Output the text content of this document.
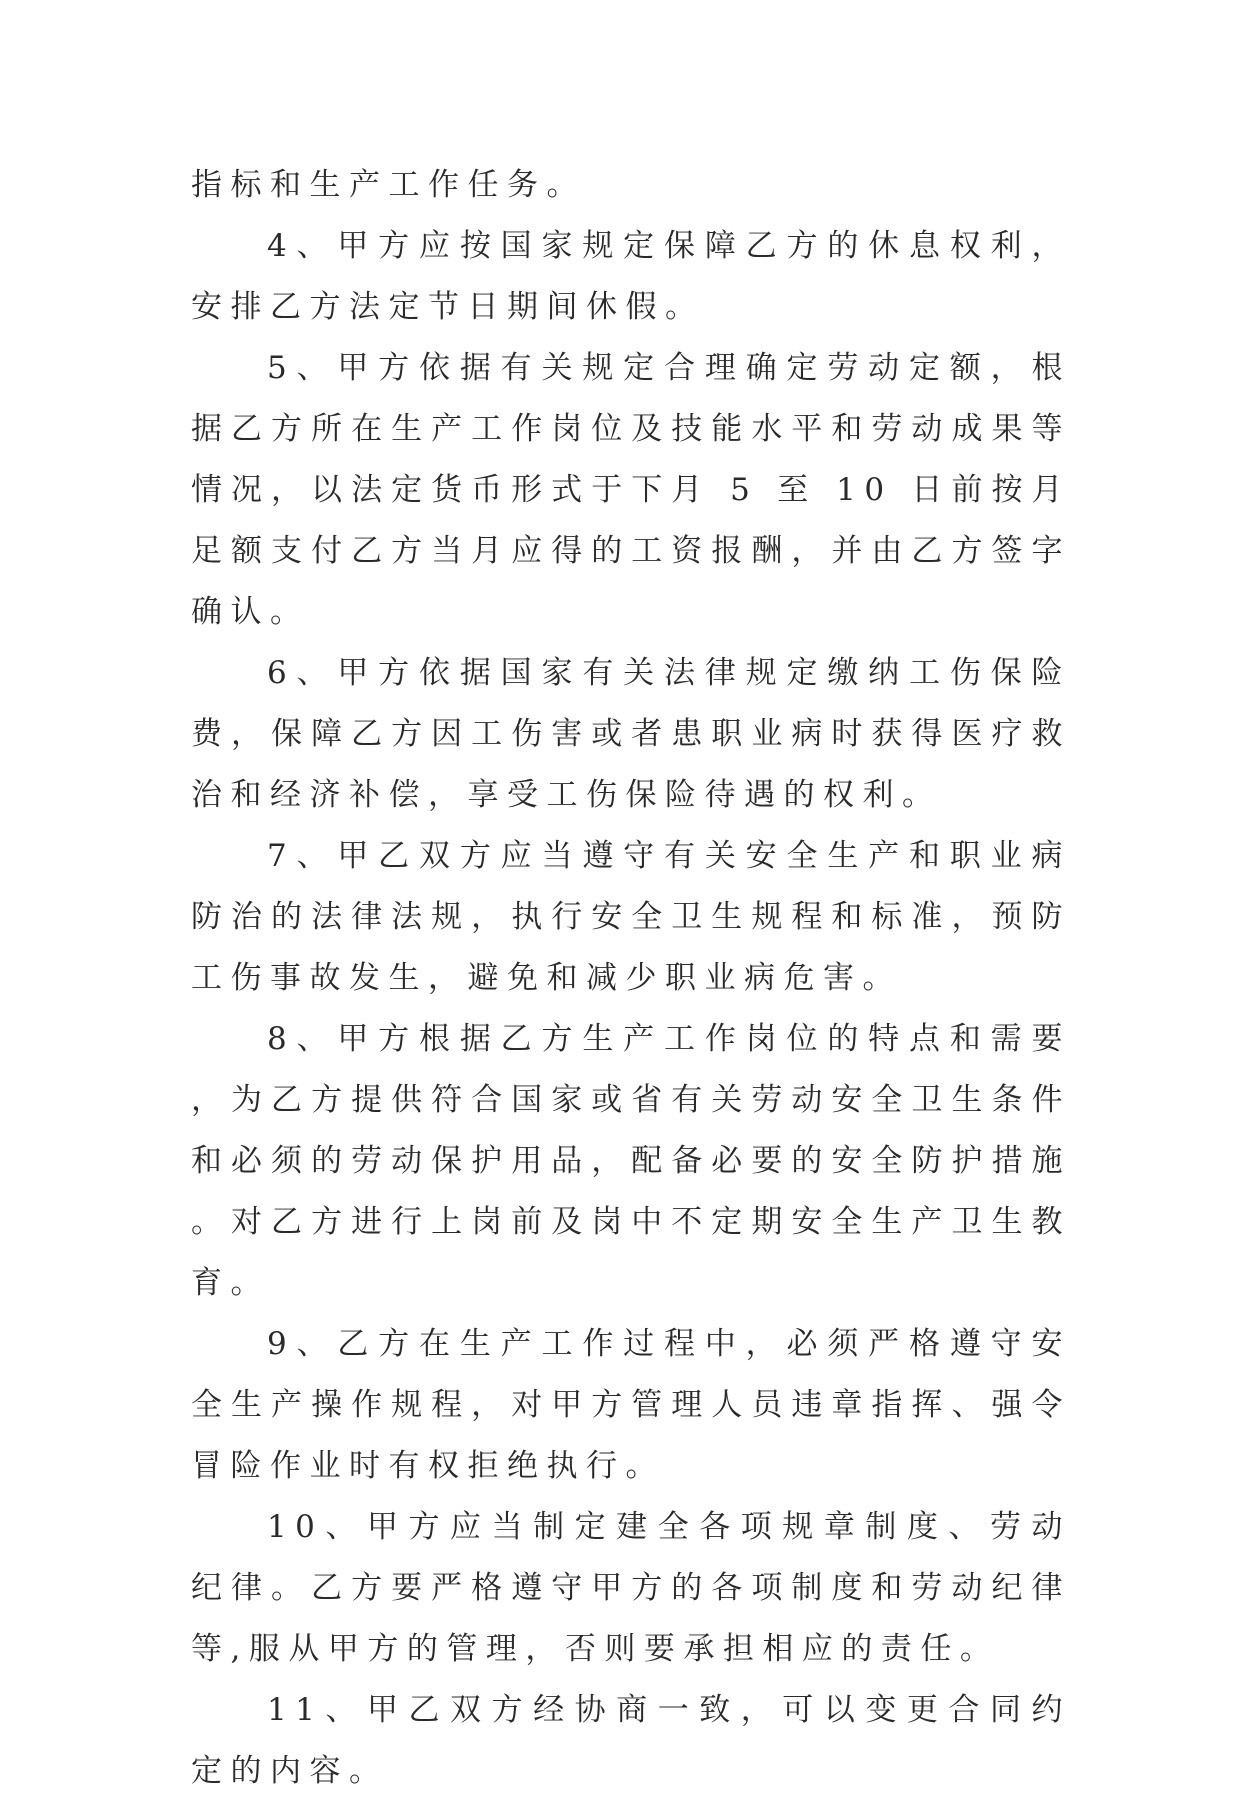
指标和生产工作任务。

4、甲方应按国家规定保障乙方的休息权利，安排乙方法定节日期间休假。

5、甲方依据有关规定合理确定劳动定额，根据乙方所在生产工作岗位及技能水平和劳动成果等情况，以法定货币形式于下月 5 至 10 日前按月足额支付乙方当月应得的工资报酬，并由乙方签字确认。

6、甲方依据国家有关法律规定缴纳工伤保险费，保障乙方因工伤害或者患职业病时获得医疗救治和经济补偿，享受工伤保险待遇的权利。

7、甲乙双方应当遵守有关安全生产和职业病防治的法律法规，执行安全卫生规程和标准，预防工伤事故发生，避免和减少职业病危害。

8、甲方根据乙方生产工作岗位的特点和需要，为乙方提供符合国家或省有关劳动安全卫生条件和必须的劳动保护用品，配备必要的安全防护措施。对乙方进行上岗前及岗中不定期安全生产卫生教育。

9、乙方在生产工作过程中，必须严格遵守安全生产操作规程，对甲方管理人员违章指挥、强令冒险作业时有权拒绝执行。

10、甲方应当制定建全各项规章制度、劳动纪律。乙方要严格遵守甲方的各项制度和劳动纪律等,服从甲方的管理，否则要承担相应的责任。

11、甲乙双方经协商一致，可以变更合同约定的内容。
